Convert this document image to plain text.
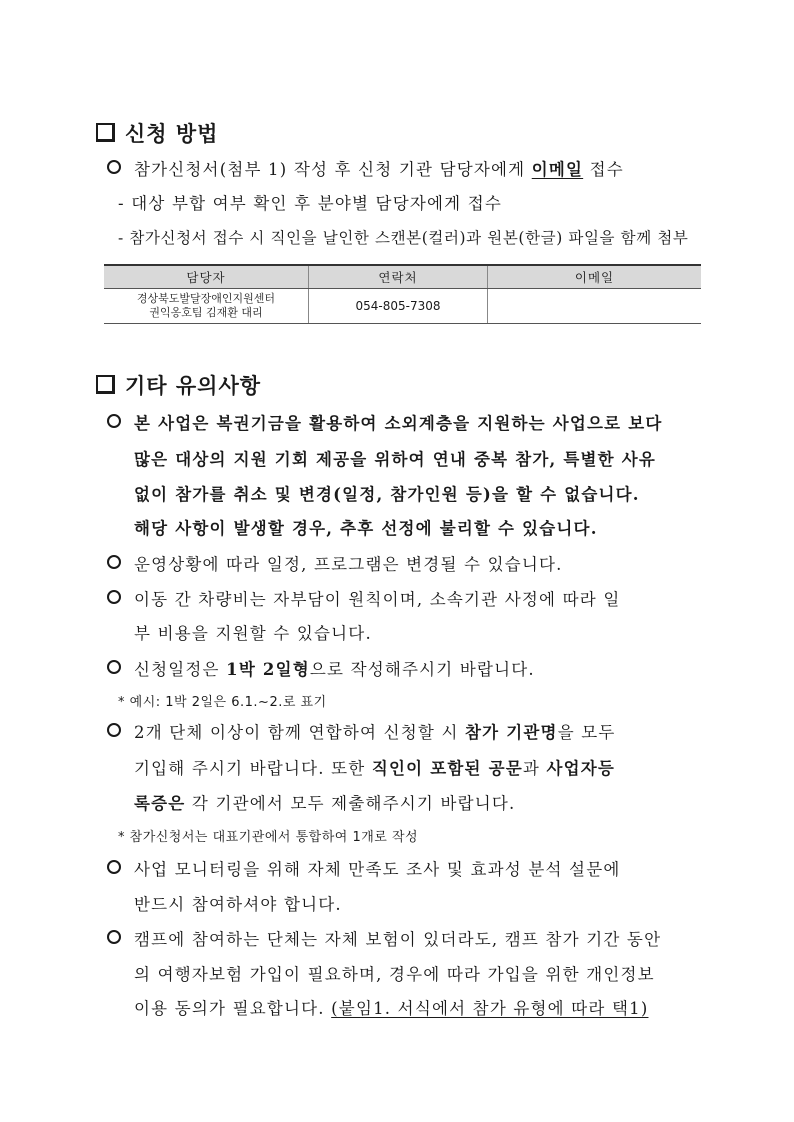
신청 방법
참가신청서(첨부 1) 작성 후 신청 기관 담당자에게 이메일 접수
- 대상 부합 여부 확인 후 분야별 담당자에게 접수
- 참가신청서 접수 시 직인을 날인한 스캔본(컬러)과 원본(한글) 파일을 함께 첨부
담당자	연락처	이메일

경상북도발달장애인지원센터
권익옹호팀 김재환 대리	054-805-7308	
기타 유의사항
본 사업은 복권기금을 활용하여 소외계층을 지원하는 사업으로 보다
많은 대상의 지원 기회 제공을 위하여 연내 중복 참가, 특별한 사유
없이 참가를 취소 및 변경(일정, 참가인원 등)을 할 수 없습니다.
해당 사항이 발생할 경우, 추후 선정에 불리할 수 있습니다.
운영상황에 따라 일정, 프로그램은 변경될 수 있습니다.
이동 간 차량비는 자부담이 원칙이며, 소속기관 사정에 따라 일
부 비용을 지원할 수 있습니다.
신청일정은 1박 2일형으로 작성해주시기 바랍니다.
* 예시: 1박 2일은 6.1.~2.로 표기
2개 단체 이상이 함께 연합하여 신청할 시 참가 기관명을 모두
기입해 주시기 바랍니다. 또한 직인이 포함된 공문과 사업자등
록증은 각 기관에서 모두 제출해주시기 바랍니다.
* 참가신청서는 대표기관에서 통합하여 1개로 작성
사업 모니터링을 위해 자체 만족도 조사 및 효과성 분석 설문에
반드시 참여하셔야 합니다.
캠프에 참여하는 단체는 자체 보험이 있더라도, 캠프 참가 기간 동안
의 여행자보험 가입이 필요하며, 경우에 따라 가입을 위한 개인정보
이용 동의가 필요합니다. (붙임1. 서식에서 참가 유형에 따라 택1)
